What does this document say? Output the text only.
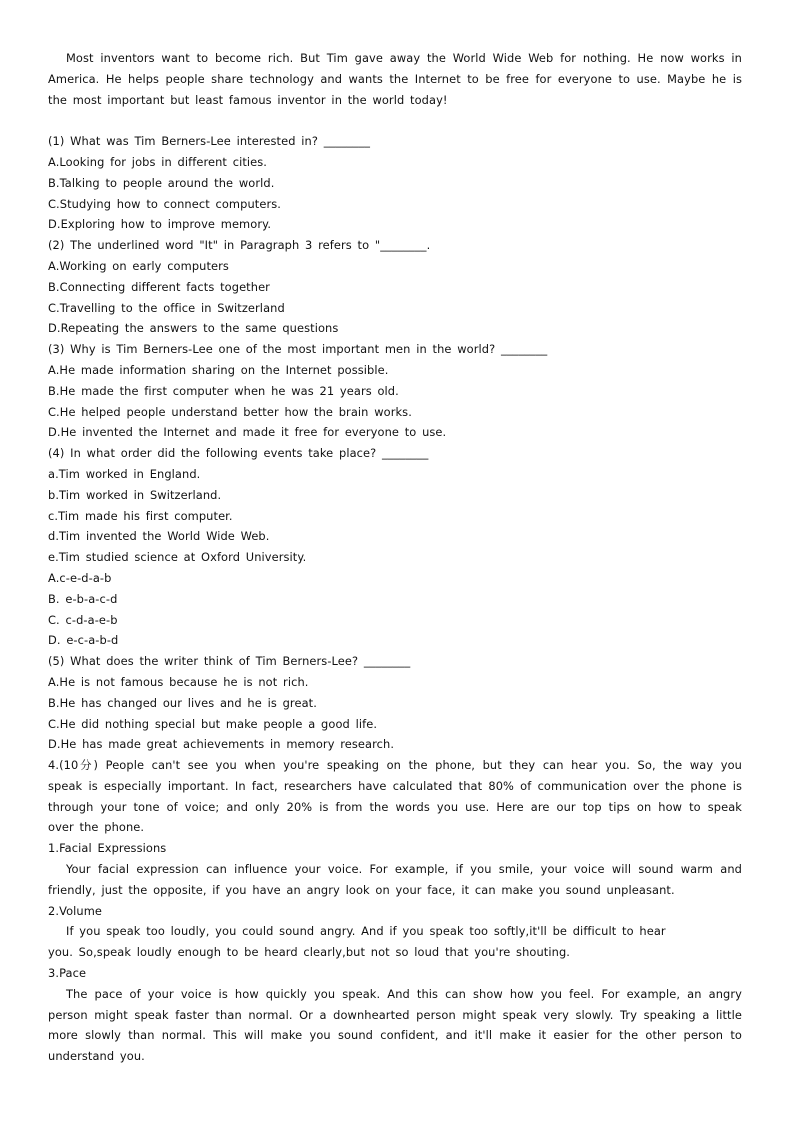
Most inventors want to become rich. But Tim gave away the World Wide Web for nothing. He now works in America. He helps people share technology and wants the Internet to be free for everyone to use. Maybe he is the most important but least famous inventor in the world today!

(1) What was Tim Berners-Lee interested in? ________

A.Looking for jobs in different cities.

B.Talking to people around the world.

C.Studying how to connect computers.

D.Exploring how to improve memory.

(2) The underlined word "It" in Paragraph 3 refers to "________.

A.Working on early computers

B.Connecting different facts together

C.Travelling to the office in Switzerland

D.Repeating the answers to the same questions

(3) Why is Tim Berners-Lee one of the most important men in the world? ________

A.He made information sharing on the Internet possible.

B.He made the first computer when he was 21 years old.

C.He helped people understand better how the brain works.

D.He invented the Internet and made it free for everyone to use.

(4) In what order did the following events take place? ________

a.Tim worked in England.

b.Tim worked in Switzerland.

c.Tim made his first computer.

d.Tim invented the World Wide Web.

e.Tim studied science at Oxford University.

A.c-e-d-a-b

B. e-b-a-c-d

C. c-d-a-e-b

D. e-c-a-b-d

(5) What does the writer think of Tim Berners-Lee? ________

A.He is not famous because he is not rich.

B.He has changed our lives and he is great.

C.He did nothing special but make people a good life.

D.He has made great achievements in memory research.

4.(10分) People can't see you when you're speaking on the phone, but they can hear you. So, the way you speak is especially important. In fact, researchers have calculated that 80% of communication over the phone is through your tone of voice; and only 20% is from the words you use. Here are our top tips on how to speak over the phone.

1.Facial Expressions

Your facial expression can influence your voice. For example, if you smile, your voice will sound warm and friendly, just the opposite, if you have an angry look on your face, it can make you sound unpleasant.

2.Volume

If you speak too loudly, you could sound angry. And if you speak too softly,it'll be difficult to hear

you. So,speak loudly enough to be heard clearly,but not so loud that you're shouting.

3.Pace

The pace of your voice is how quickly you speak. And this can show how you feel. For example, an angry person might speak faster than normal. Or a downhearted person might speak very slowly. Try speaking a little more slowly than normal. This will make you sound confident, and it'll make it easier for the other person to understand you.
